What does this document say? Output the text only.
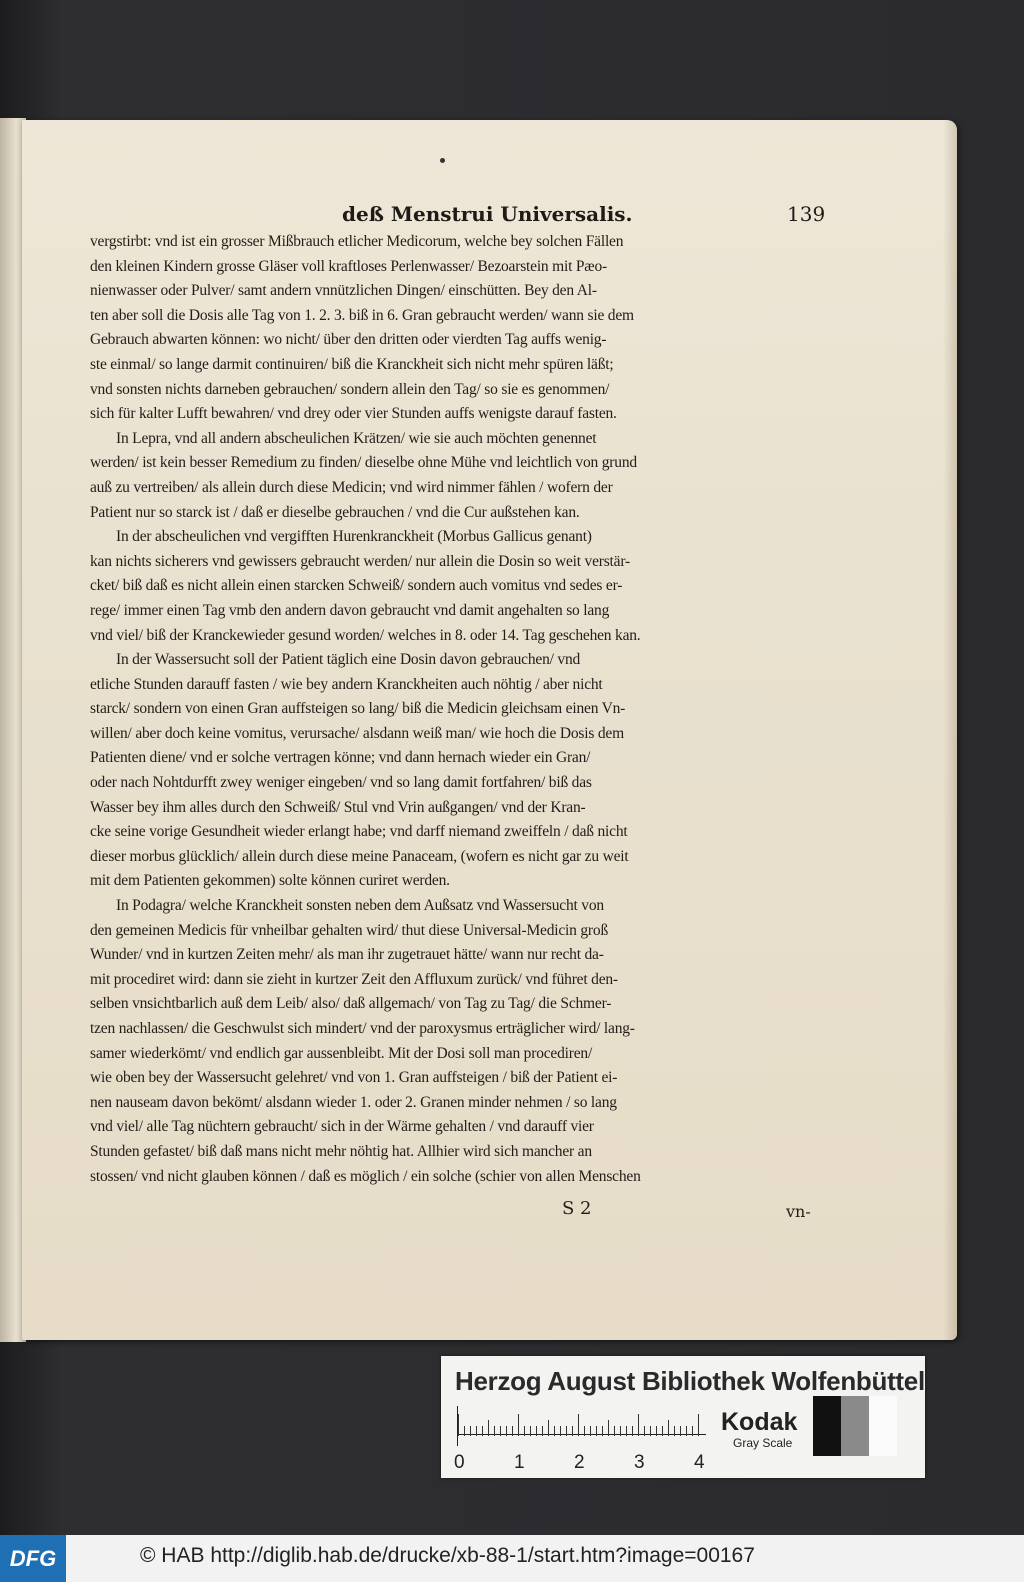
deß Menstrui Universalis.	139
vergstirbt: vnd ist ein grosser Mißbrauch etlicher Medicorum, welche bey solchen Fällen
den kleinen Kindern grosse Gläser voll kraftloses Perlenwasser/ Bezoarstein mit Pæo-
nienwasser oder Pulver/ samt andern vnnützlichen Dingen/ einschütten. Bey den Al-
ten aber soll die Dosis alle Tag von 1. 2. 3. biß in 6. Gran gebraucht werden/ wann sie dem
Gebrauch abwarten können: wo nicht/ über den dritten oder vierdten Tag auffs wenig-
ste einmal/ so lange darmit continuiren/ biß die Kranckheit sich nicht mehr spüren läßt;
vnd sonsten nichts darneben gebrauchen/ sondern allein den Tag/ so sie es genommen/
sich für kalter Lufft bewahren/ vnd drey oder vier Stunden auffs wenigste darauf fasten.
In Lepra, vnd all andern abscheulichen Krätzen/ wie sie auch möchten genennet
werden/ ist kein besser Remedium zu finden/ dieselbe ohne Mühe vnd leichtlich von grund
auß zu vertreiben/ als allein durch diese Medicin; vnd wird nimmer fählen / wofern der
Patient nur so starck ist / daß er dieselbe gebrauchen / vnd die Cur außstehen kan.
In der abscheulichen vnd vergifften Hurenkranckheit (Morbus Gallicus genant)
kan nichts sicherers vnd gewissers gebraucht werden/ nur allein die Dosin so weit verstär-
cket/ biß daß es nicht allein einen starcken Schweiß/ sondern auch vomitus vnd sedes er-
rege/ immer einen Tag vmb den andern davon gebraucht vnd damit angehalten so lang
vnd viel/ biß der Kranckewieder gesund worden/ welches in 8. oder 14. Tag geschehen kan.
In der Wassersucht soll der Patient täglich eine Dosin davon gebrauchen/ vnd
etliche Stunden darauff fasten / wie bey andern Kranckheiten auch nöhtig / aber nicht
starck/ sondern von einen Gran auffsteigen so lang/ biß die Medicin gleichsam einen Vn-
willen/ aber doch keine vomitus, verursache/ alsdann weiß man/ wie hoch die Dosis dem
Patienten diene/ vnd er solche vertragen könne; vnd dann hernach wieder ein Gran/
oder nach Nohtdurfft zwey weniger eingeben/ vnd so lang damit fortfahren/ biß das
Wasser bey ihm alles durch den Schweiß/ Stul vnd Vrin außgangen/ vnd der Kran-
cke seine vorige Gesundheit wieder erlangt habe; vnd darff niemand zweiffeln / daß nicht
dieser morbus glücklich/ allein durch diese meine Panaceam, (wofern es nicht gar zu weit
mit dem Patienten gekommen) solte können curiret werden.
In Podagra/ welche Kranckheit sonsten neben dem Außsatz vnd Wassersucht von
den gemeinen Medicis für vnheilbar gehalten wird/ thut diese Universal-Medicin groß
Wunder/ vnd in kurtzen Zeiten mehr/ als man ihr zugetrauet hätte/ wann nur recht da-
mit procediret wird: dann sie zieht in kurtzer Zeit den Affluxum zurück/ vnd führet den-
selben vnsichtbarlich auß dem Leib/ also/ daß allgemach/ von Tag zu Tag/ die Schmer-
tzen nachlassen/ die Geschwulst sich mindert/ vnd der paroxysmus erträglicher wird/ lang-
samer wiederkömt/ vnd endlich gar aussenbleibt. Mit der Dosi soll man procediren/
wie oben bey der Wassersucht gelehret/ vnd von 1. Gran auffsteigen / biß der Patient ei-
nen nauseam davon bekömt/ alsdann wieder 1. oder 2. Granen minder nehmen / so lang
vnd viel/ alle Tag nüchtern gebraucht/ sich in der Wärme gehalten / vnd darauff vier
Stunden gefastet/ biß daß mans nicht mehr nöhtig hat. Allhier wird sich mancher an
stossen/ vnd nicht glauben können / daß es möglich / ein solche (schier von allen Menschen
S 2	vn-
Herzog August Bibliothek Wolfenbüttel
0	1	2	3	4
Kodak
Gray Scale
DFG	© HAB http://diglib.hab.de/drucke/xb-88-1/start.htm?image=00167
